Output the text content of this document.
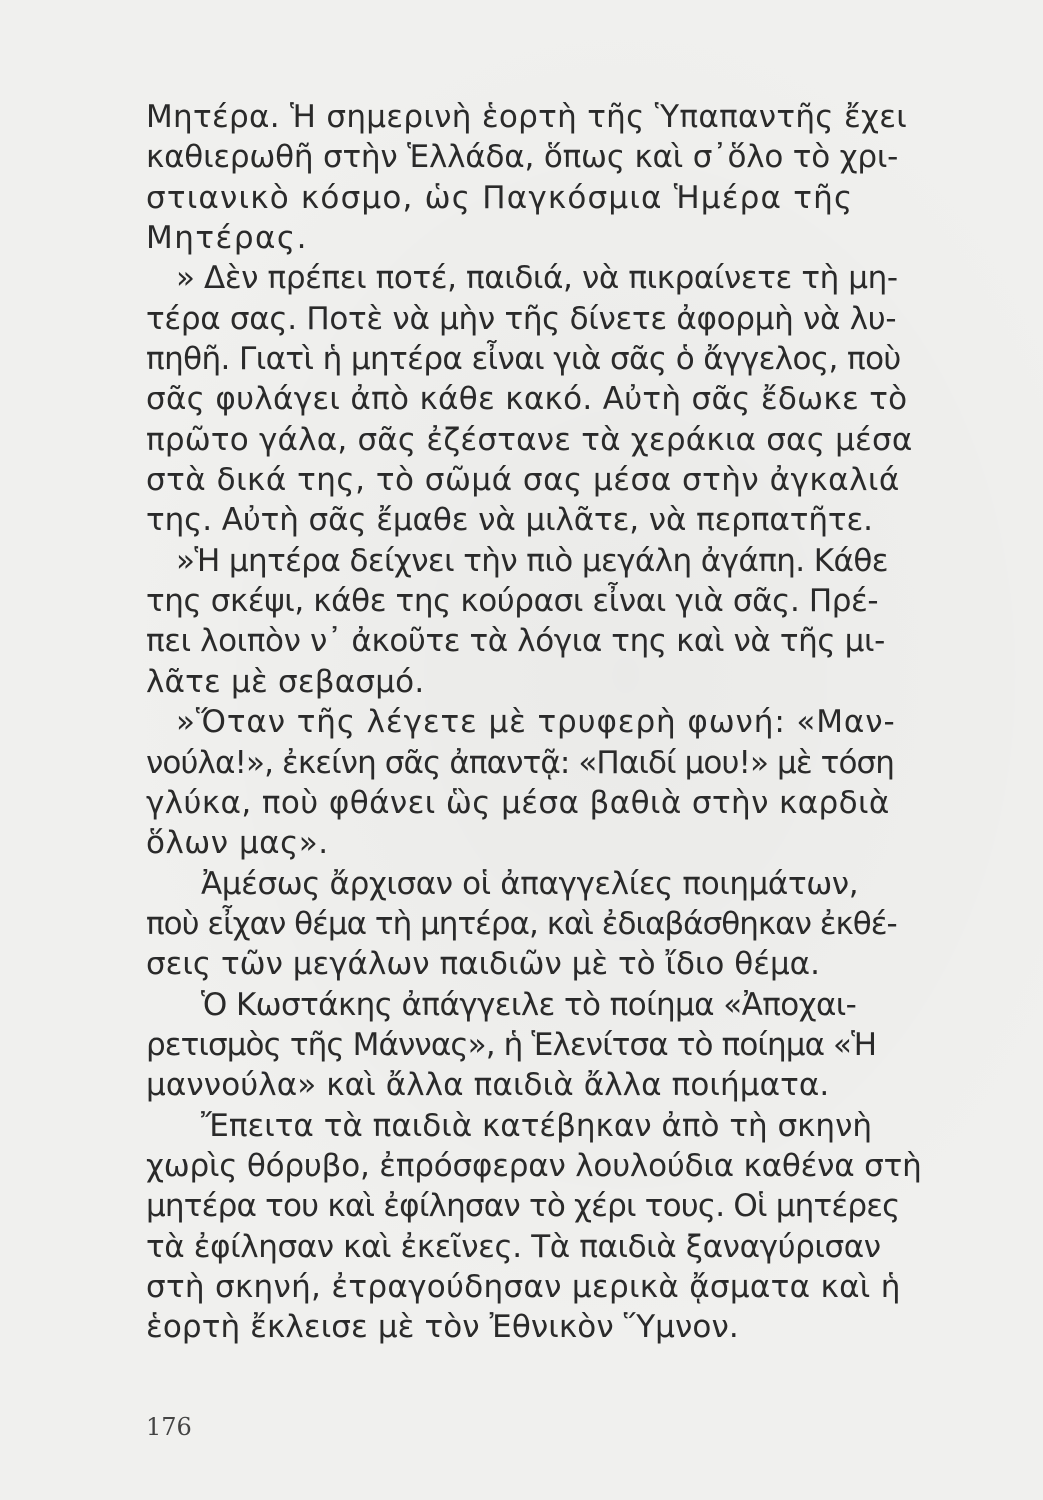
Μητέρα. Ἡ σημερινὴ ἑορτὴ τῆς Ὑπαπαντῆς ἔχει
καθιερωθῆ στὴν Ἑλλάδα, ὅπως καὶ σ᾽ὅλο τὸ χρι-
στιανικὸ κόσμο, ὡς Παγκόσμια Ἡμέρα τῆς
Μητέρας.
» Δὲν πρέπει ποτέ, παιδιά, νὰ πικραίνετε τὴ μη-
τέρα σας. Ποτὲ νὰ μὴν τῆς δίνετε ἀφορμὴ νὰ λυ-
πηθῆ. Γιατὶ ἡ μητέρα εἶναι γιὰ σᾶς ὁ ἄγγελος, ποὺ
σᾶς φυλάγει ἀπὸ κάθε κακό. Αὐτὴ σᾶς ἔδωκε τὸ
πρῶτο γάλα, σᾶς ἐζέστανε τὰ χεράκια σας μέσα
στὰ δικά της, τὸ σῶμά σας μέσα στὴν ἀγκαλιά
της. Αὐτὴ σᾶς ἔμαθε νὰ μιλᾶτε, νὰ περπατῆτε.
»Ἡ μητέρα δείχνει τὴν πιὸ μεγάλη ἀγάπη. Κάθε
της σκέψι, κάθε της κούρασι εἶναι γιὰ σᾶς. Πρέ-
πει λοιπὸν ν᾽ ἀκοῦτε τὰ λόγια της καὶ νὰ τῆς μι-
λᾶτε μὲ σεβασμό.
»Ὅταν τῆς λέγετε μὲ τρυφερὴ φωνή: «Μαν-
νούλα!», ἐκείνη σᾶς ἀπαντᾷ: «Παιδί μου!» μὲ τόση
γλύκα, ποὺ φθάνει ὣς μέσα βαθιὰ στὴν καρδιὰ
ὅλων μας».
Ἀμέσως ἄρχισαν οἱ ἀπαγγελίες ποιημάτων,
ποὺ εἶχαν θέμα τὴ μητέρα, καὶ ἐδιαβάσθηκαν ἐκθέ-
σεις τῶν μεγάλων παιδιῶν μὲ τὸ ἴδιο θέμα.
Ὁ Κωστάκης ἀπάγγειλε τὸ ποίημα «Ἀποχαι-
ρετισμὸς τῆς Μάννας», ἡ Ἑλενίτσα τὸ ποίημα «Ἡ
μαννούλα» καὶ ἄλλα παιδιὰ ἄλλα ποιήματα.
Ἔπειτα τὰ παιδιὰ κατέβηκαν ἀπὸ τὴ σκηνὴ
χωρὶς θόρυβο, ἐπρόσφεραν λουλούδια καθένα στὴ
μητέρα του καὶ ἐφίλησαν τὸ χέρι τους. Οἱ μητέρες
τὰ ἐφίλησαν καὶ ἐκεῖνες. Τὰ παιδιὰ ξαναγύρισαν
στὴ σκηνή, ἐτραγούδησαν μερικὰ ᾄσματα καὶ ἡ
ἑορτὴ ἔκλεισε μὲ τὸν Ἐθνικὸν Ὕμνον.
176
